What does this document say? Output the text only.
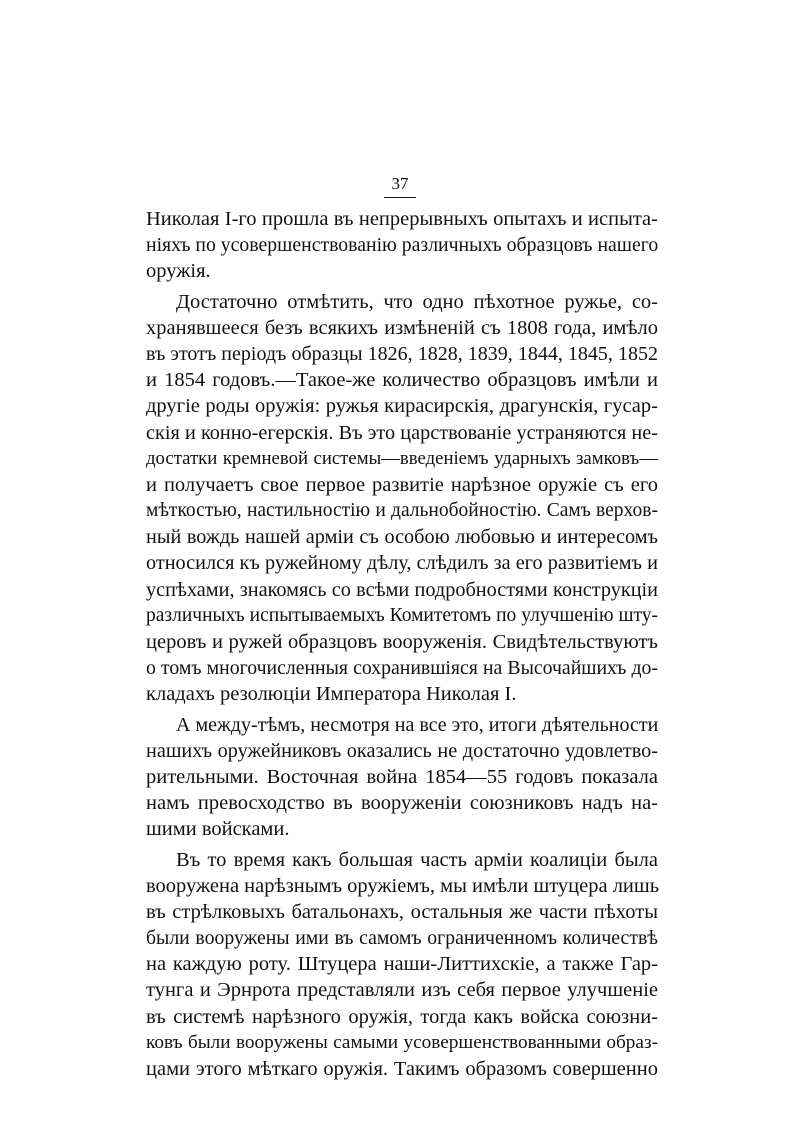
37
Николая I-го прошла въ непрерывныхъ опытахъ и испыта-
ніяхъ по усовершенствованію различныхъ образцовъ нашего
оружія.
Достаточно отмѣтить, что одно пѣхотное ружье, со-
хранявшееся безъ всякихъ измѣненій съ 1808 года, имѣло
въ этотъ періодъ образцы 1826, 1828, 1839, 1844, 1845, 1852
и 1854 годовъ.—Такое-же количество образцовъ имѣли и
другіе роды оружія: ружья кирасирскія, драгунскія, гусар-
скія и конно-егерскія. Въ это царствованіе устраняются не-
достатки кремневой системы—введеніемъ ударныхъ замковъ—
и получаетъ свое первое развитіе нарѣзное оружіе съ его
мѣткостью, настильностію и дальнобойностію. Самъ верхов-
ный вождь нашей арміи съ особою любовью и интересомъ
относился къ ружейному дѣлу, слѣдилъ за его развитіемъ и
успѣхами, знакомясь со всѣми подробностями конструкціи
различныхъ испытываемыхъ Комитетомъ по улучшенію шту-
церовъ и ружей образцовъ вооруженія. Свидѣтельствуютъ
о томъ многочисленныя сохранившіяся на Высочайшихъ до-
кладахъ резолюціи Императора Николая I.
А между-тѣмъ, несмотря на все это, итоги дѣятельности
нашихъ оружейниковъ оказались не достаточно удовлетво-
рительными. Восточная война 1854—55 годовъ показала
намъ превосходство въ вооруженіи союзниковъ надъ на-
шими войсками.
Въ то время какъ большая часть арміи коалиціи была
вооружена нарѣзнымъ оружіемъ, мы имѣли штуцера лишь
въ стрѣлковыхъ батальонахъ, остальныя же части пѣхоты
были вооружены ими въ самомъ ограниченномъ количествѣ
на каждую роту. Штуцера наши-Литтихскіе, а также Гар-
тунга и Эрнрота представляли изъ себя первое улучшеніе
въ системѣ нарѣзного оружія, тогда какъ войска союзни-
ковъ были вооружены самыми усовершенствованными образ-
цами этого мѣткаго оружія. Такимъ образомъ совершенно
